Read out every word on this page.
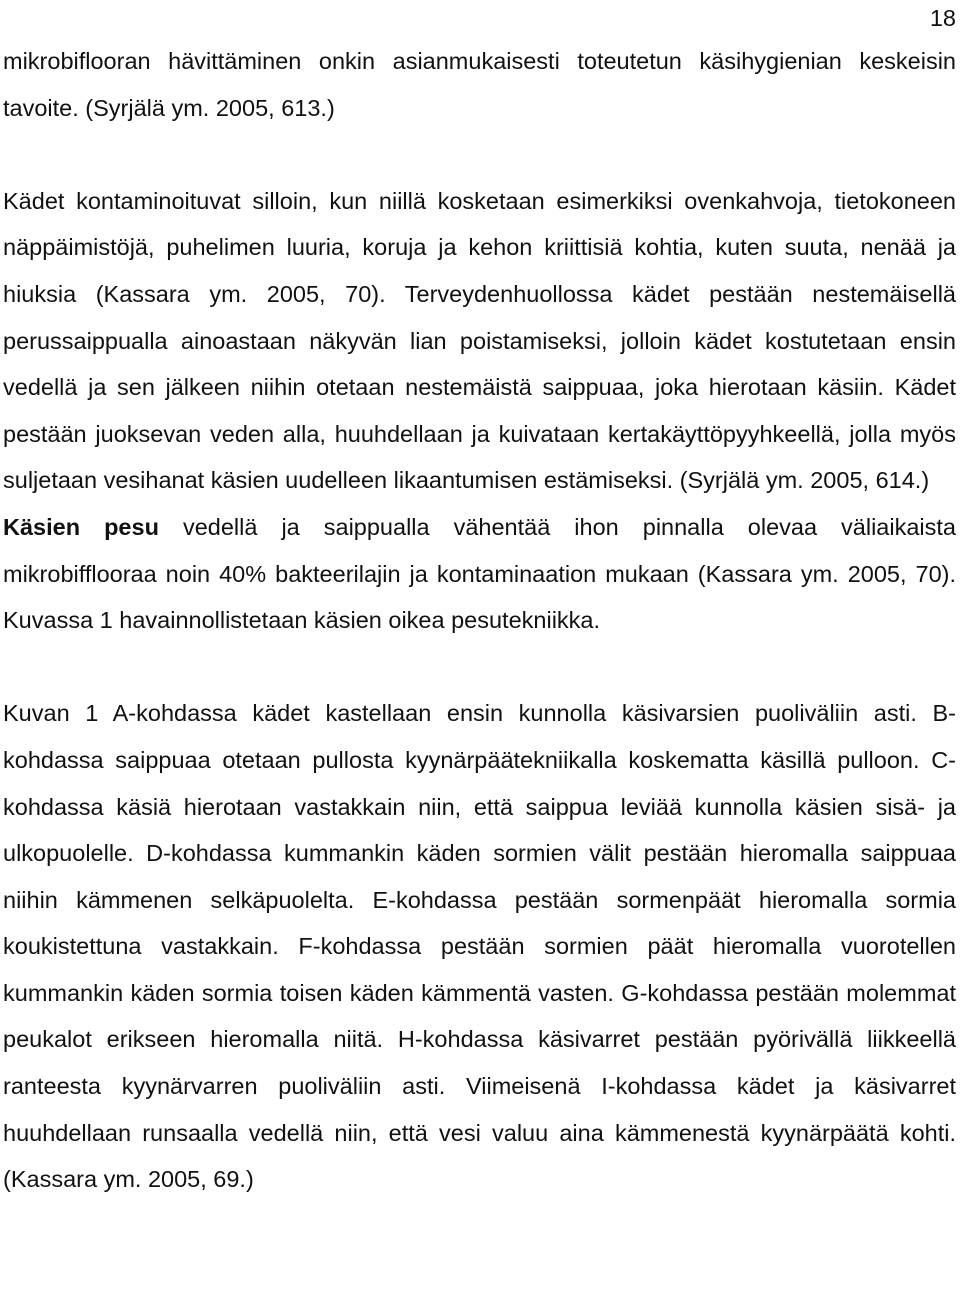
18

mikrobiflooran hävittäminen onkin asianmukaisesti toteutetun käsihygienian keskeisin tavoite. (Syrjälä ym. 2005, 613.)

Kädet kontaminoituvat silloin, kun niillä kosketaan esimerkiksi ovenkahvoja, tietokoneen näppäimistöjä, puhelimen luuria, koruja ja kehon kriittisiä kohtia, kuten suuta, nenää ja hiuksia (Kassara ym. 2005, 70). Terveydenhuollossa kädet pestään nestemäisellä perussaippualla ainoastaan näkyvän lian poistamiseksi, jolloin kädet kostutetaan ensin vedellä ja sen jälkeen niihin otetaan nestemäistä saippuaa, joka hierotaan käsiin. Kädet pestään juoksevan veden alla, huuhdellaan ja kuivataan kertakäyttöpyyhkeellä, jolla myös suljetaan vesihanat käsien uudelleen likaantumisen estämiseksi. (Syrjälä ym. 2005, 614.)

Käsien pesu vedellä ja saippualla vähentää ihon pinnalla olevaa väliaikaista mikrobifflooraa noin 40% bakteerilajin ja kontaminaation mukaan (Kassara ym. 2005, 70). Kuvassa 1 havainnollistetaan käsien oikea pesutekniikka.

Kuvan 1 A-kohdassa kädet kastellaan ensin kunnolla käsivarsien puoliväliin asti. B-kohdassa saippuaa otetaan pullosta kyynärpäätekniikalla koskematta käsillä pulloon. C-kohdassa käsiä hierotaan vastakkain niin, että saippua leviää kunnolla käsien sisä- ja ulkopuolelle. D-kohdassa kummankin käden sormien välit pestään hieromalla saippuaa niihin kämmenen selkäpuolelta. E-kohdassa pestään sormenpäät hieromalla sormia koukistettuna vastakkain. F-kohdassa pestään sormien päät hieromalla vuorotellen kummankin käden sormia toisen käden kämmentä vasten. G-kohdassa pestään molemmat peukalot erikseen hieromalla niitä. H-kohdassa käsivarret pestään pyörivällä liikkeellä ranteesta kyynärvarren puoliväliin asti. Viimeisenä I-kohdassa kädet ja käsivarret huuhdellaan runsaalla vedellä niin, että vesi valuu aina kämmenestä kyynärpäätä kohti. (Kassara ym. 2005, 69.)
